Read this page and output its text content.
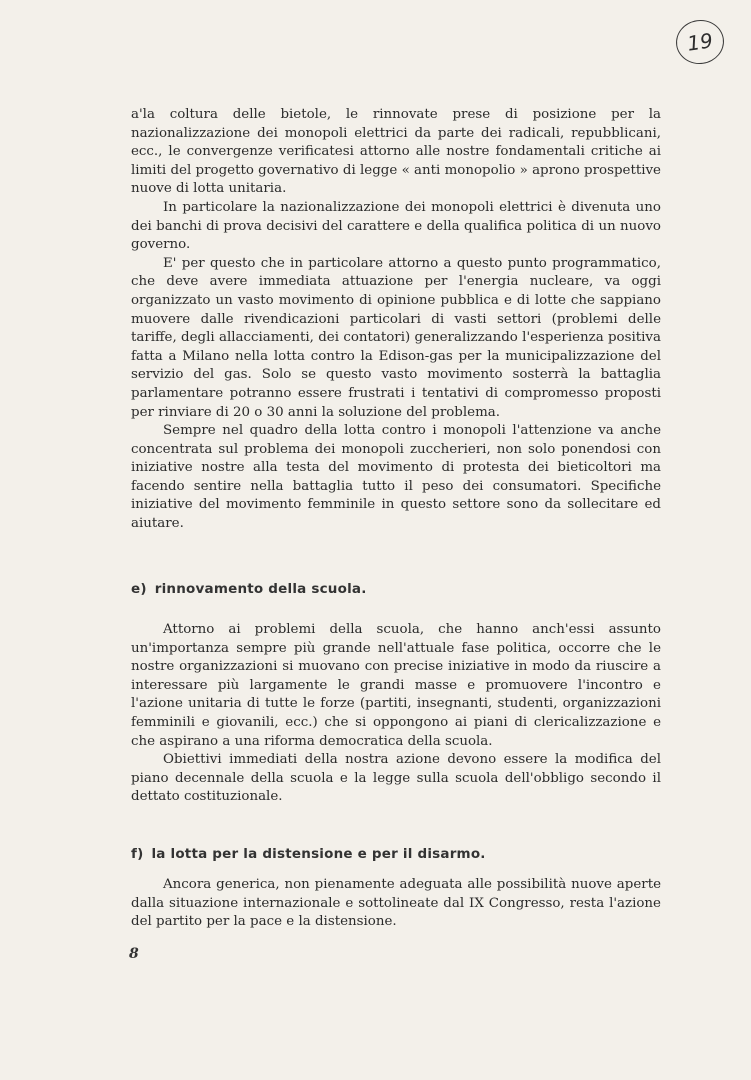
19

a'la coltura delle bietole, le rinnovate prese di posizione per la nazionalizzazione dei monopoli elettrici da parte dei radicali, repubblicani, ecc., le convergenze verificatesi attorno alle nostre fondamentali critiche ai limiti del progetto governativo di legge « anti monopolio » aprono prospettive nuove di lotta unitaria.

In particolare la nazionalizzazione dei monopoli elettrici è divenuta uno dei banchi di prova decisivi del carattere e della qualifica politica di un nuovo governo.

E' per questo che in particolare attorno a questo punto programmatico, che deve avere immediata attuazione per l'energia nucleare, va oggi organizzato un vasto movimento di opinione pubblica e di lotte che sappiano muovere dalle rivendicazioni particolari di vasti settori (problemi delle tariffe, degli allacciamenti, dei contatori) generalizzando l'esperienza positiva fatta a Milano nella lotta contro la Edison-gas per la municipalizzazione del servizio del gas. Solo se questo vasto movimento sosterrà la battaglia parlamentare potranno essere frustrati i tentativi di compromesso proposti per rinviare di 20 o 30 anni la soluzione del problema.

Sempre nel quadro della lotta contro i monopoli l'attenzione va anche concentrata sul problema dei monopoli zuccherieri, non solo ponendosi con iniziative nostre alla testa del movimento di protesta dei bieticoltori ma facendo sentire nella battaglia tutto il peso dei consumatori. Specifiche iniziative del movimento femminile in questo settore sono da sollecitare ed aiutare.

e) rinnovamento della scuola.

Attorno ai problemi della scuola, che hanno anch'essi assunto un'importanza sempre più grande nell'attuale fase politica, occorre che le nostre organizzazioni si muovano con precise iniziative in modo da riuscire a interessare più largamente le grandi masse e promuovere l'incontro e l'azione unitaria di tutte le forze (partiti, insegnanti, studenti, organizzazioni femminili e giovanili, ecc.) che si oppongono ai piani di clericalizzazione e che aspirano a una riforma democratica della scuola.

Obiettivi immediati della nostra azione devono essere la modifica del piano decennale della scuola e la legge sulla scuola dell'obbligo secondo il dettato costituzionale.

f) la lotta per la distensione e per il disarmo.

Ancora generica, non pienamente adeguata alle possibilità nuove aperte dalla situazione internazionale e sottolineate dal IX Congresso, resta l'azione del partito per la pace e la distensione.

8
